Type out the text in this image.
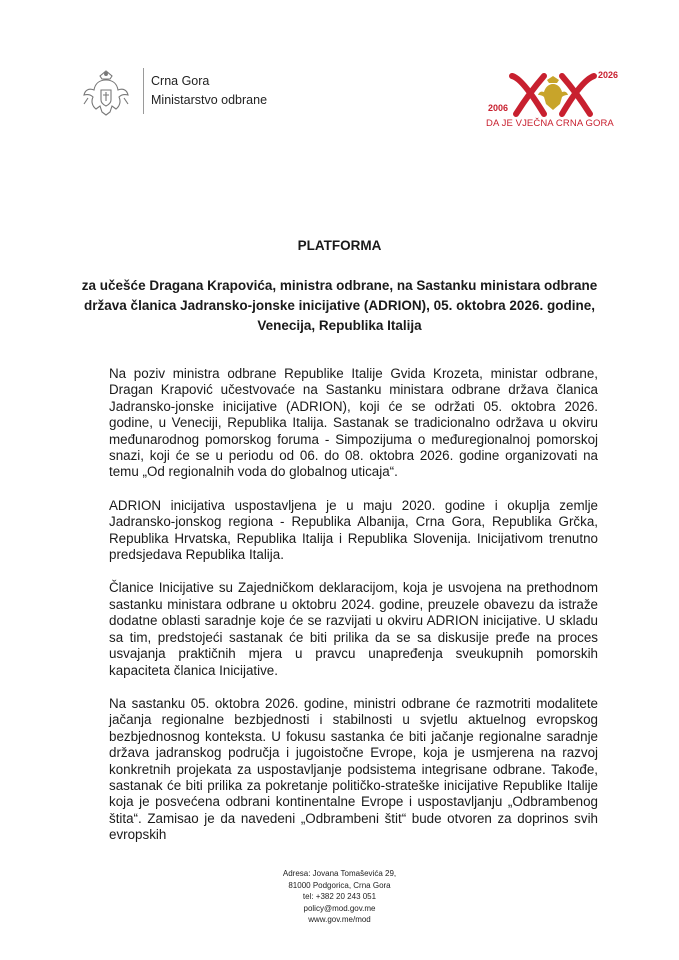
Crna Gora
Ministarstvo odbrane
2026
2006
DA JE VJEČNA CRNA GORA
PLATFORMA
za učešće Dragana Krapovića, ministra odbrane, na Sastanku ministara odbrane država članica Jadransko-jonske inicijative (ADRION), 05. oktobra 2026. godine, Venecija, Republika Italija

Na poziv ministra odbrane Republike Italije Gvida Krozeta, ministar odbrane, Dragan Krapović učestvovaće na Sastanku ministara odbrane država članica Jadransko-jonske inicijative (ADRION), koji će se održati 05. oktobra 2026. godine, u Veneciji, Republika Italija. Sastanak se tradicionalno održava u okviru međunarodnog pomorskog foruma - Simpozijuma o međuregionalnoj pomorskoj snazi, koji će se u periodu od 06. do 08. oktobra 2026. godine organizovati na temu „Od regionalnih voda do globalnog uticaja“.

ADRION inicijativa uspostavljena je u maju 2020. godine i okuplja zemlje Jadransko-jonskog regiona - Republika Albanija, Crna Gora, Republika Grčka, Republika Hrvatska, Republika Italija i Republika Slovenija. Inicijativom trenutno predsjedava Republika Italija.

Članice Inicijative su Zajedničkom deklaracijom, koja je usvojena na prethodnom sastanku ministara odbrane u oktobru 2024. godine, preuzele obavezu da istraže dodatne oblasti saradnje koje će se razvijati u okviru ADRION inicijative. U skladu sa tim, predstojeći sastanak će biti prilika da se sa diskusije pređe na proces usvajanja praktičnih mjera u pravcu unapređenja sveukupnih pomorskih kapaciteta članica Inicijative.

Na sastanku 05. oktobra 2026. godine, ministri odbrane će razmotriti modalitete jačanja regionalne bezbjednosti i stabilnosti u svjetlu aktuelnog evropskog bezbjednosnog konteksta. U fokusu sastanka će biti jačanje regionalne saradnje država jadranskog područja i jugoistočne Evrope, koja je usmjerena na razvoj konkretnih projekata za uspostavljanje podsistema integrisane odbrane. Takođe, sastanak će biti prilika za pokretanje političko-strateške inicijative Republike Italije koja je posvećena odbrani kontinentalne Evrope i uspostavljanju „Odbrambenog štita“. Zamisao je da navedeni „Odbrambeni štit“ bude otvoren za doprinos svih evropskih

Adresa: Jovana Tomaševića 29,
81000 Podgorica, Crna Gora
tel: +382 20 243 051
policy@mod.gov.me
www.gov.me/mod
